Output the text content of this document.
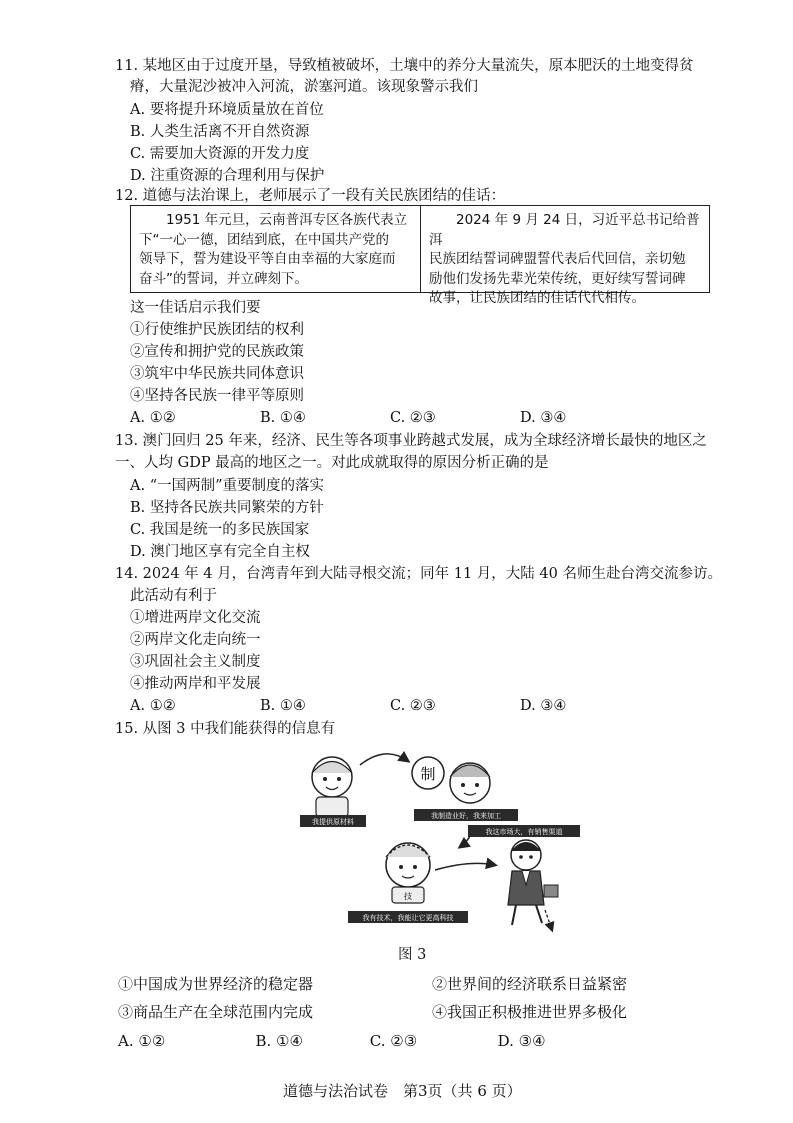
11. 某地区由于过度开垦，导致植被破坏，土壤中的养分大量流失，原本肥沃的土地变得贫
瘠，大量泥沙被冲入河流，淤塞河道。该现象警示我们
A. 要将提升环境质量放在首位
B. 人类生活离不开自然资源
C. 需要加大资源的开发力度
D. 注重资源的合理利用与保护
12. 道德与法治课上，老师展示了一段有关民族团结的佳话：
1951 年元旦，云南普洱专区各族代表立
下“一心一德，团结到底，在中国共产党的
领导下，誓为建设平等自由幸福的大家庭而
奋斗”的誓词，并立碑刻下。
2024 年 9 月 24 日，习近平总书记给普洱
民族团结誓词碑盟誓代表后代回信，亲切勉
励他们发扬先辈光荣传统，更好续写誓词碑
故事，让民族团结的佳话代代相传。
这一佳话启示我们要
①行使维护民族团结的权利
②宣传和拥护党的民族政策
③筑牢中华民族共同体意识
④坚持各民族一律平等原则
A. ①②	B. ①④	C. ②③	D. ③④
13. 澳门回归 25 年来，经济、民生等各项事业跨越式发展，成为全球经济增长最快的地区之
一、人均 GDP 最高的地区之一。对此成就取得的原因分析正确的是
A. “一国两制”重要制度的落实
B. 坚持各民族共同繁荣的方针
C. 我国是统一的多民族国家
D. 澳门地区享有完全自主权
14. 2024 年 4 月，台湾青年到大陆寻根交流；同年 11 月，大陆 40 名师生赴台湾交流参访。
此活动有利于
①增进两岸文化交流
②两岸文化走向统一
③巩固社会主义制度
④推动两岸和平发展
A. ①②	B. ①④	C. ②③	D. ③④
15. 从图 3 中我们能获得的信息有
我提供原材料
制
我制造业好，我来加工
我这市场大，有销售渠道
技
我有技术，我能让它更高科技
图 3
①中国成为世界经济的稳定器	②世界间的经济联系日益紧密
③商品生产在全球范围内完成	④我国正积极推进世界多极化
A. ①②	B. ①④	C. ②③	D. ③④
道德与法治试卷　第3页（共 6 页）
